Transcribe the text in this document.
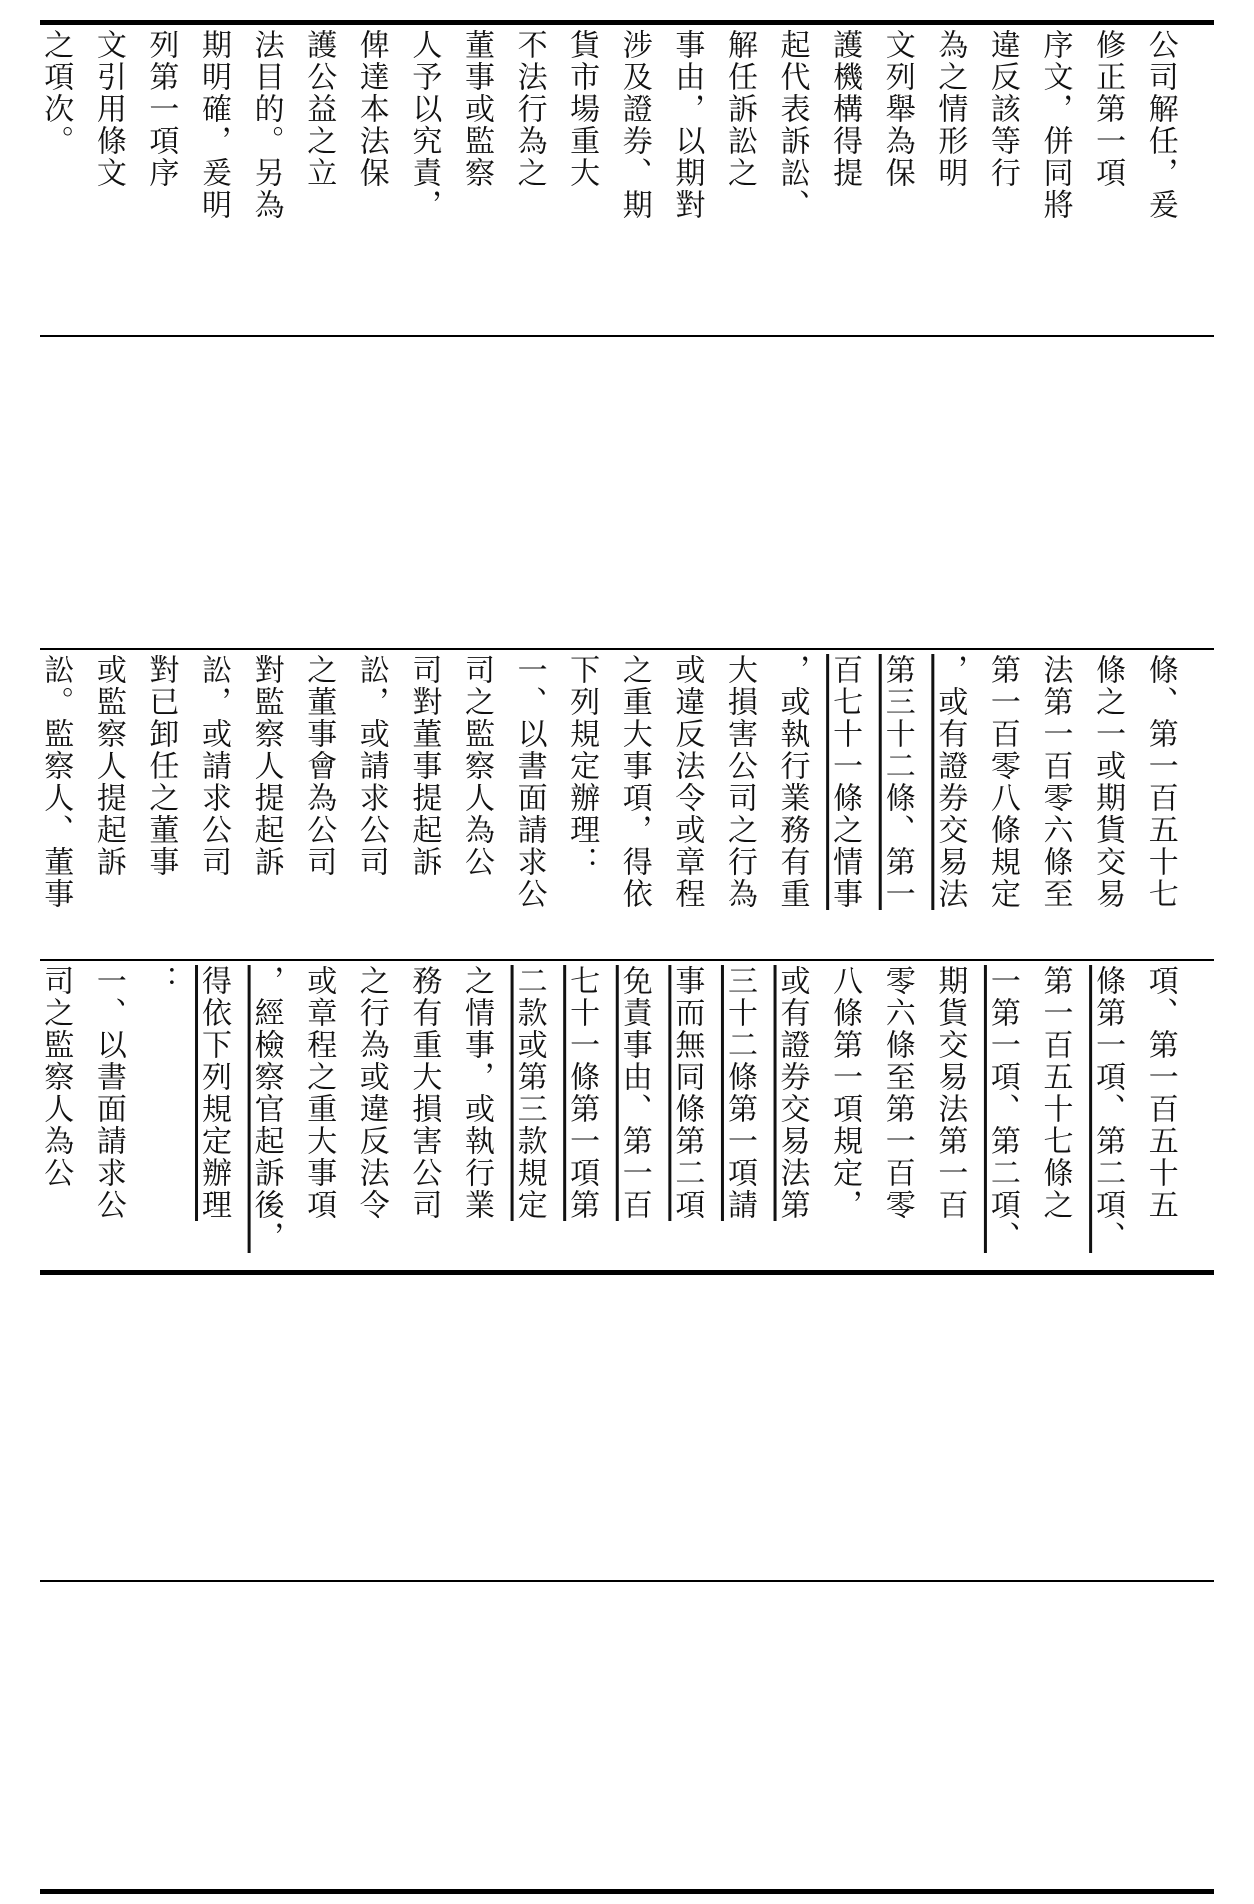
公司解任，爰
修正第一項
序文，併同將
違反該等行
為之情形明
文列舉為保
護機構得提
起代表訴訟、
解任訴訟之
事由，以期對
涉及證券、期
貨市場重大
不法行為之
董事或監察
人予以究責，
俾達本法保
護公益之立
法目的。另為
期明確，爰明
列第一項序
文引用條文
之項次。
條、第一百五十七
條之一或期貨交易
法第一百零六條至
第一百零八條規定
，或有證券交易法
第三十二條、第一
百七十一條之情事
，或執行業務有重
大損害公司之行為
或違反法令或章程
之重大事項，得依
下列規定辦理：
一、以書面請求公
司之監察人為公
司對董事提起訴
訟，或請求公司
之董事會為公司
對監察人提起訴
訟，或請求公司
對已卸任之董事
或監察人提起訴
訟。監察人、董事
項、第一百五十五
條第一項、第二項、
第一百五十七條之
一第一項、第二項、
期貨交易法第一百
零六條至第一百零
八條第一項規定，
或有證券交易法第
三十二條第一項請
事而無同條第二項
免責事由、第一百
七十一條第一項第
二款或第三款規定
之情事，或執行業
務有重大損害公司
之行為或違反法令
或章程之重大事項
，經檢察官起訴後，
得依下列規定辦理
：
一、以書面請求公
司之監察人為公
